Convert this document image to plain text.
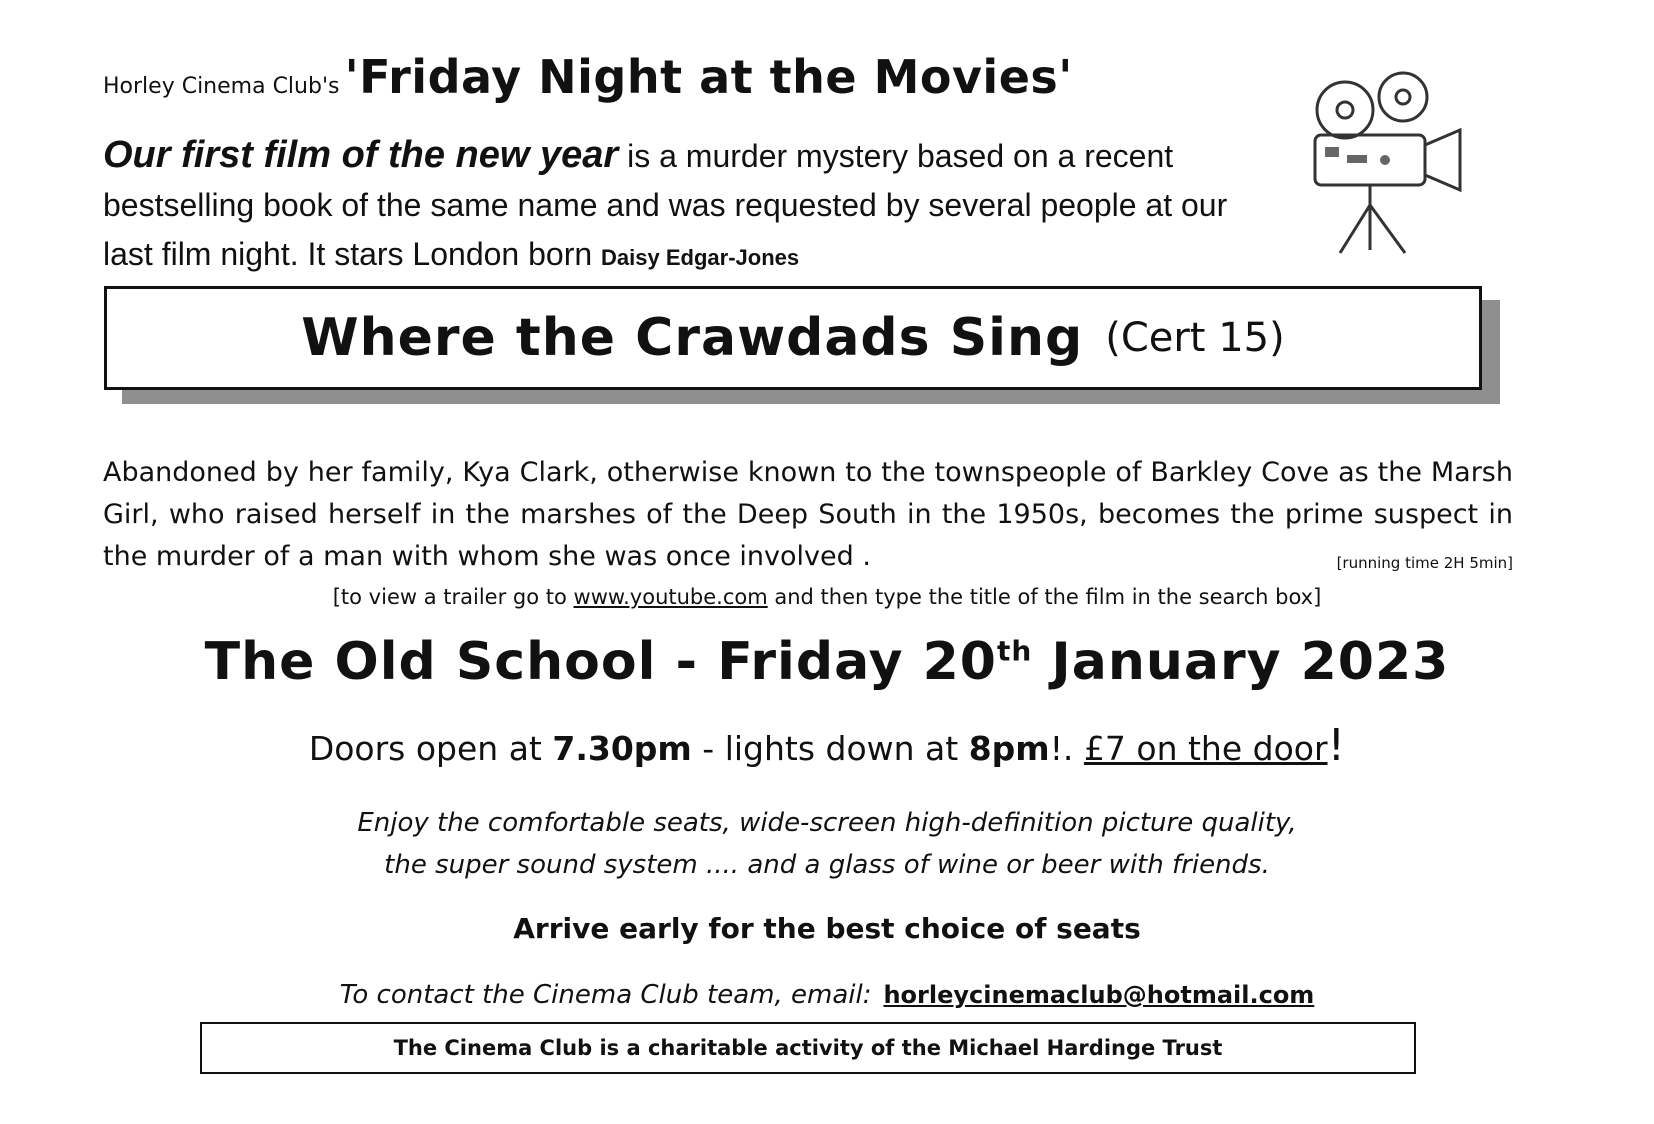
Horley Cinema Club's 'Friday Night at the Movies'
Our first film of the new year is a murder mystery based on a recent bestselling book of the same name and was requested by several people at our last film night. It stars London born Daisy Edgar-Jones
Where the Crawdads Sing (Cert 15)
Abandoned by her family, Kya Clark, otherwise known to the townspeople of Barkley Cove as the Marsh Girl, who raised herself in the marshes of the Deep South in the 1950s, becomes the prime suspect in the murder of a man with whom she was once involved .	[running time 2H 5min]
[to view a trailer go to www.youtube.com and then type the title of the film in the search box]
The Old School - Friday 20th January 2023
Doors open at 7.30pm - lights down at 8pm!. £7 on the door!
Enjoy the comfortable seats, wide-screen high-definition picture quality,
the super sound system .... and a glass of wine or beer with friends.
Arrive early for the best choice of seats
To contact the Cinema Club team, email: horleycinemaclub@hotmail.com
The Cinema Club is a charitable activity of the Michael Hardinge Trust
